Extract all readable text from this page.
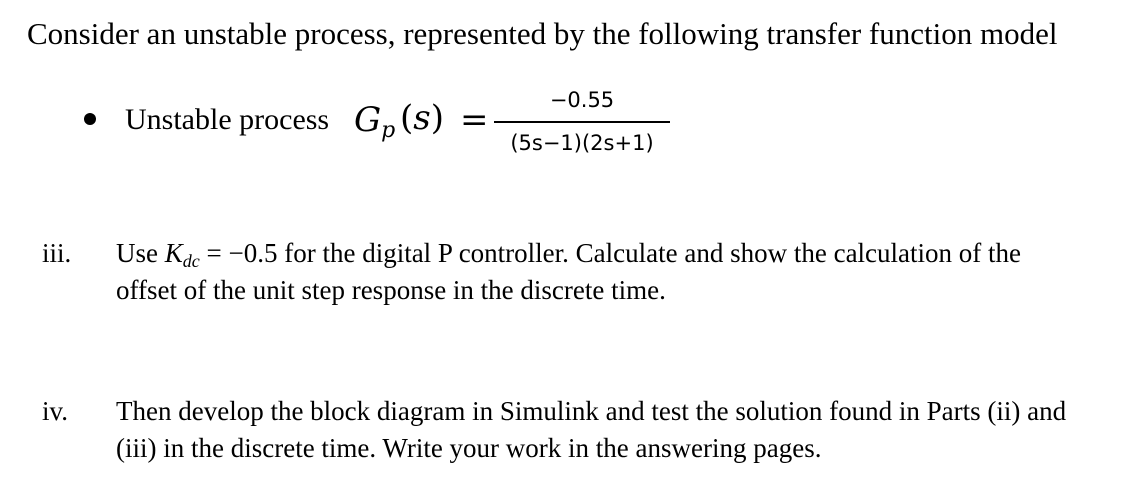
Consider an unstable process, represented by the following transfer function model
Unstable process $G_p$ (s) =	−0.55
(5s−1)(2s+1)
iii. Use $K_{dc} = -0.5$ for the digital P controller. Calculate and show the calculation of the
offset of the unit step response in the discrete time.
iv. Then develop the block diagram in Simulink and test the solution found in Parts (ii) and
(iii) in the discrete time. Write your work in the answering pages.
